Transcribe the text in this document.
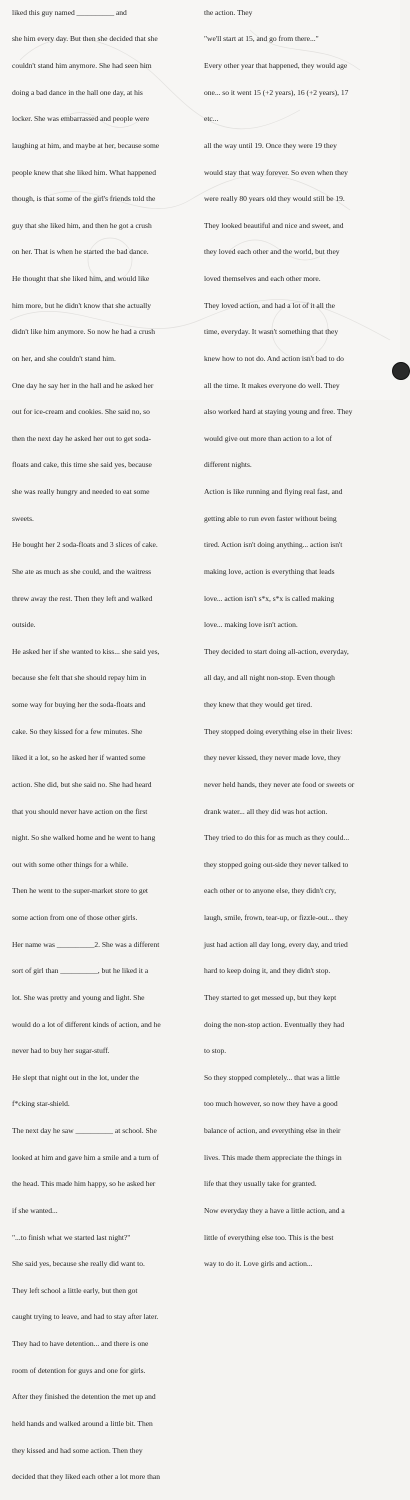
liked this guy named __________ and

she him every day. But then she decided that she

couldn't stand him anymore. She had seen him

doing a bad dance in the hall one day, at his

locker. She was embarrassed and people were

laughing at him, and maybe at her, because some

people knew that she liked him. What happened

though, is that some of the girl's friends told the

guy that she liked him, and then he got a crush

on her. That is when he started the bad dance.

He thought that she liked him, and would like

him more, but he didn't know that she actually

didn't like him anymore. So now he had a crush

on her, and she couldn't stand him.

One day he say her in the hall and he asked her

out for ice-cream and cookies. She said no, so

then the next day he asked her out to get soda-

floats and cake, this time she said yes, because

she was really hungry and needed to eat some

sweets.

He bought her 2 soda-floats and 3 slices of cake.

She ate as much as she could, and the waitress

threw away the rest. Then they left and walked

outside.

He asked her if she wanted to kiss... she said yes,

because she felt that she should repay him in

some way for buying her the soda-floats and

cake. So they kissed for a few minutes. She

liked it a lot, so he asked her if wanted some

action. She did, but she said no. She had heard

that you should never have action on the first

night. So she walked home and he went to hang

out with some other things for a while.

Then he went to the super-market store to get

some action from one of those other girls.

Her name was __________2. She was a different

sort of girl than __________, but he liked it a

lot. She was pretty and young and light. She

would do a lot of different kinds of action, and he

never had to buy her sugar-stuff.

He slept that night out in the lot, under the

f*cking star-shield.

The next day he saw __________ at school. She

looked at him and gave him a smile and a turn of

the head. This made him happy, so he asked her

if she wanted...

"...to finish what we started last night?"

She said yes, because she really did want to.

They left school a little early, but then got

caught trying to leave, and had to stay after later.

They had to have detention... and there is one

room of detention for guys and one for girls.

After they finished the detention the met up and

held hands and walked around a little bit. Then

they kissed and had some action. Then they

decided that they liked each other a lot more than

the action. They

"we'll start at 15, and go from there..."

Every other year that happened, they would age

one... so it went 15 (+2 years), 16 (+2 years), 17

etc...

all the way until 19. Once they were 19 they

would stay that way forever. So even when they

were really 80 years old they would still be 19.

They looked beautiful and nice and sweet, and

they loved each other and the world, but they

loved themselves and each other more.

They loved action, and had a lot of it all the

time, everyday. It wasn't something that they

knew how to not do. And action isn't bad to do

all the time. It makes everyone do well. They

also worked hard at staying young and free. They

would give out more than action to a lot of

different nights.

Action is like running and flying real fast, and

getting able to run even faster without being

tired. Action isn't doing anything... action isn't

making love, action is everything that leads

love... action isn't s*x, s*x is called making

love... making love isn't action.

They decided to start doing all-action, everyday,

all day, and all night non-stop. Even though

they knew that they would get tired.

They stopped doing everything else in their lives:

they never kissed, they never made love, they

never held hands, they never ate food or sweets or

drank water... all they did was hot action.

They tried to do this for as much as they could...

they stopped going out-side they never talked to

each other or to anyone else, they didn't cry,

laugh, smile, frown, tear-up, or fizzle-out... they

just had action all day long, every day, and tried

hard to keep doing it, and they didn't stop.

They started to get messed up, but they kept

doing the non-stop action. Eventually they had

to stop.

So they stopped completely... that was a little

too much however, so now they have a good

balance of action, and everything else in their

lives. This made them appreciate the things in

life that they usually take for granted.

Now everyday they a have a little action, and a

little of everything else too. This is the best

way to do it. Love girls and action...
